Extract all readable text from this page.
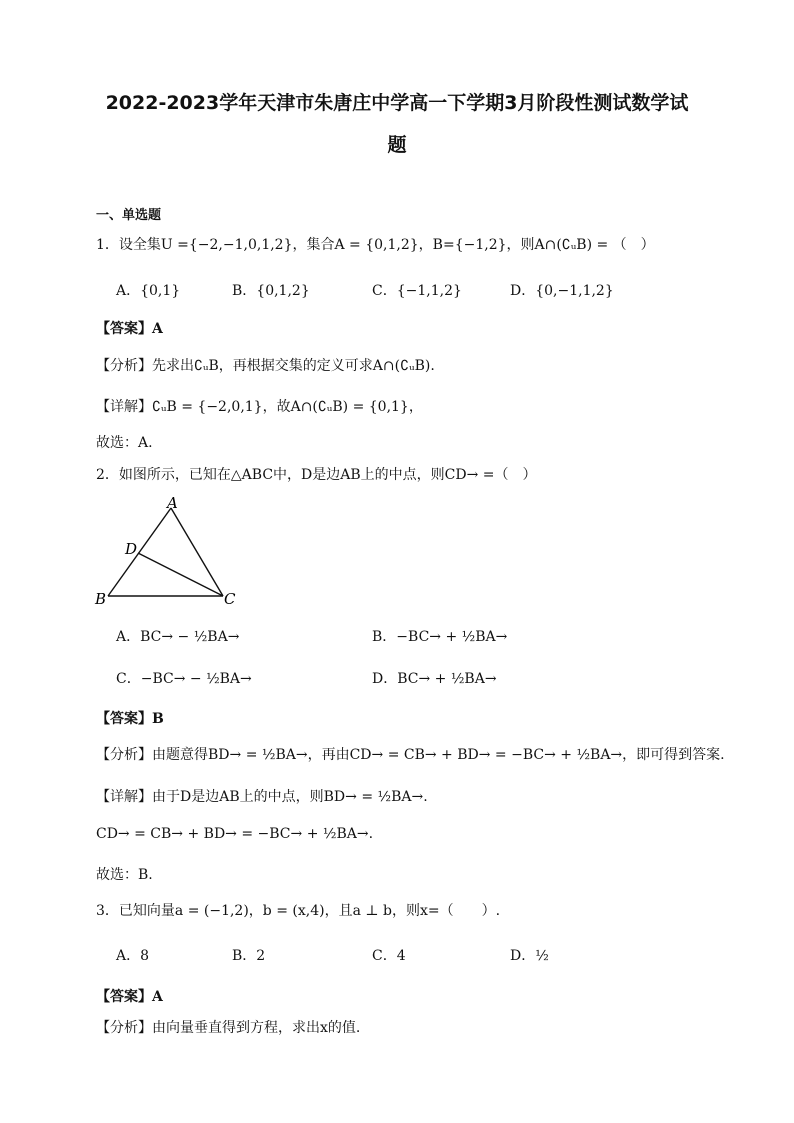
2022-2023学年天津市朱唐庄中学高一下学期3月阶段性测试数学试
题
一、单选题
1．设全集U ={−2,−1,0,1,2}，集合A = {0,1,2}，B={−1,2}，则A∩(∁ᵤB) = （　）
A．{0,1}	B．{0,1,2}	C．{−1,1,2}	D．{0,−1,1,2}
【答案】A
【分析】先求出∁ᵤB，再根据交集的定义可求A∩(∁ᵤB).
【详解】∁ᵤB = {−2,0,1}，故A∩(∁ᵤB) = {0,1}，
故选：A.
2．如图所示，已知在△ABC中，D是边AB上的中点，则CD→ =（　）
A
D
B	C
A．BC→ − ½BA→	B．−BC→ + ½BA→
C．−BC→ − ½BA→	D．BC→ + ½BA→
【答案】B
【分析】由题意得BD→ = ½BA→，再由CD→ = CB→ + BD→ = −BC→ + ½BA→，即可得到答案.
【详解】由于D是边AB上的中点，则BD→ = ½BA→.
CD→ = CB→ + BD→ = −BC→ + ½BA→.
故选：B.
3．已知向量a = (−1,2)，b = (x,4)，且a ⊥ b，则x=（　　）.
A．8	B．2	C．4	D．½
【答案】A
【分析】由向量垂直得到方程，求出x的值.
